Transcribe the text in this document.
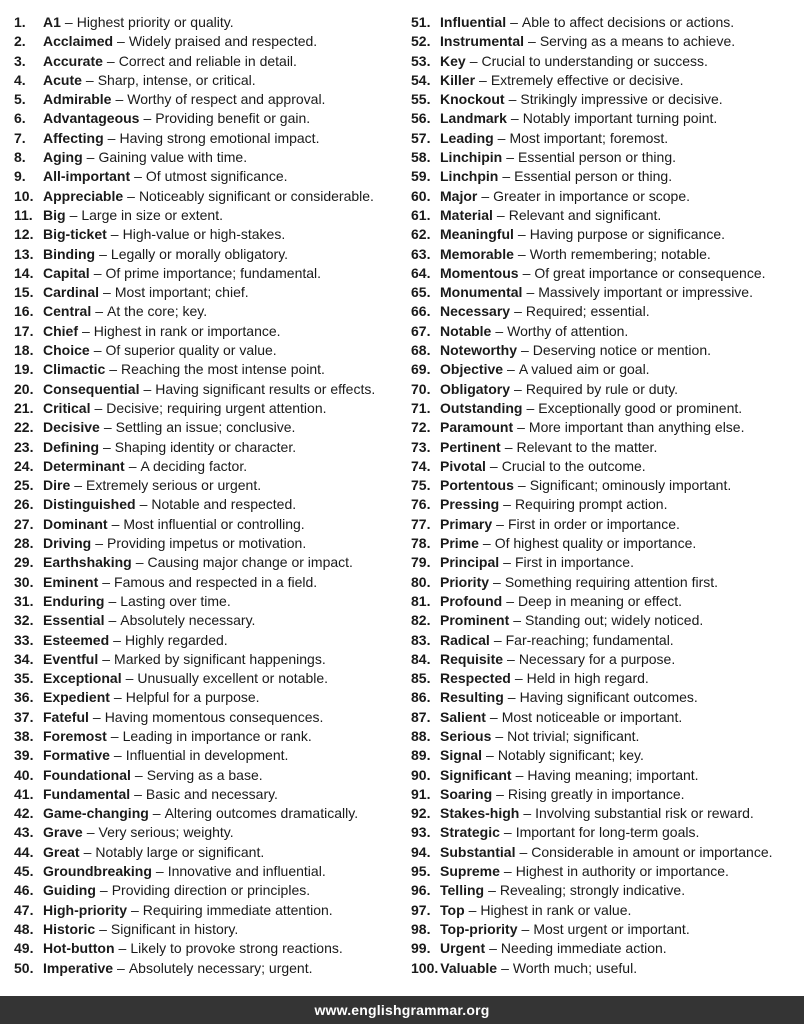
1.	A1 – Highest priority or quality.
2.	Acclaimed – Widely praised and respected.
3.	Accurate – Correct and reliable in detail.
4.	Acute – Sharp, intense, or critical.
5.	Admirable – Worthy of respect and approval.
6.	Advantageous – Providing benefit or gain.
7.	Affecting – Having strong emotional impact.
8.	Aging – Gaining value with time.
9.	All-important – Of utmost significance.
10. Appreciable – Noticeably significant or considerable.
11. Big – Large in size or extent.
12. Big-ticket – High-value or high-stakes.
13. Binding – Legally or morally obligatory.
14. Capital – Of prime importance; fundamental.
15. Cardinal – Most important; chief.
16. Central – At the core; key.
17. Chief – Highest in rank or importance.
18. Choice – Of superior quality or value.
19. Climactic – Reaching the most intense point.
20. Consequential – Having significant results or effects.
21. Critical – Decisive; requiring urgent attention.
22. Decisive – Settling an issue; conclusive.
23. Defining – Shaping identity or character.
24. Determinant – A deciding factor.
25. Dire – Extremely serious or urgent.
26. Distinguished – Notable and respected.
27. Dominant – Most influential or controlling.
28. Driving – Providing impetus or motivation.
29. Earthshaking – Causing major change or impact.
30. Eminent – Famous and respected in a field.
31. Enduring – Lasting over time.
32. Essential – Absolutely necessary.
33. Esteemed – Highly regarded.
34. Eventful – Marked by significant happenings.
35. Exceptional – Unusually excellent or notable.
36. Expedient – Helpful for a purpose.
37. Fateful – Having momentous consequences.
38. Foremost – Leading in importance or rank.
39. Formative – Influential in development.
40. Foundational – Serving as a base.
41. Fundamental – Basic and necessary.
42. Game-changing – Altering outcomes dramatically.
43. Grave – Very serious; weighty.
44. Great – Notably large or significant.
45. Groundbreaking – Innovative and influential.
46. Guiding – Providing direction or principles.
47. High-priority – Requiring immediate attention.
48. Historic – Significant in history.
49. Hot-button – Likely to provoke strong reactions.
50. Imperative – Absolutely necessary; urgent.
51. Influential – Able to affect decisions or actions.
52. Instrumental – Serving as a means to achieve.
53. Key – Crucial to understanding or success.
54. Killer – Extremely effective or decisive.
55. Knockout – Strikingly impressive or decisive.
56. Landmark – Notably important turning point.
57. Leading – Most important; foremost.
58. Linchipin – Essential person or thing.
59. Linchpin – Essential person or thing.
60. Major – Greater in importance or scope.
61. Material – Relevant and significant.
62. Meaningful – Having purpose or significance.
63. Memorable – Worth remembering; notable.
64. Momentous – Of great importance or consequence.
65. Monumental – Massively important or impressive.
66. Necessary – Required; essential.
67. Notable – Worthy of attention.
68. Noteworthy – Deserving notice or mention.
69. Objective – A valued aim or goal.
70. Obligatory – Required by rule or duty.
71. Outstanding – Exceptionally good or prominent.
72. Paramount – More important than anything else.
73. Pertinent – Relevant to the matter.
74. Pivotal – Crucial to the outcome.
75. Portentous – Significant; ominously important.
76. Pressing – Requiring prompt action.
77. Primary – First in order or importance.
78. Prime – Of highest quality or importance.
79. Principal – First in importance.
80. Priority – Something requiring attention first.
81. Profound – Deep in meaning or effect.
82. Prominent – Standing out; widely noticed.
83. Radical – Far-reaching; fundamental.
84. Requisite – Necessary for a purpose.
85. Respected – Held in high regard.
86. Resulting – Having significant outcomes.
87. Salient – Most noticeable or important.
88. Serious – Not trivial; significant.
89. Signal – Notably significant; key.
90. Significant – Having meaning; important.
91. Soaring – Rising greatly in importance.
92. Stakes-high – Involving substantial risk or reward.
93. Strategic – Important for long-term goals.
94. Substantial – Considerable in amount or importance.
95. Supreme – Highest in authority or importance.
96. Telling – Revealing; strongly indicative.
97. Top – Highest in rank or value.
98. Top-priority – Most urgent or important.
99. Urgent – Needing immediate action.
100. Valuable – Worth much; useful.
www.englishgrammar.org
